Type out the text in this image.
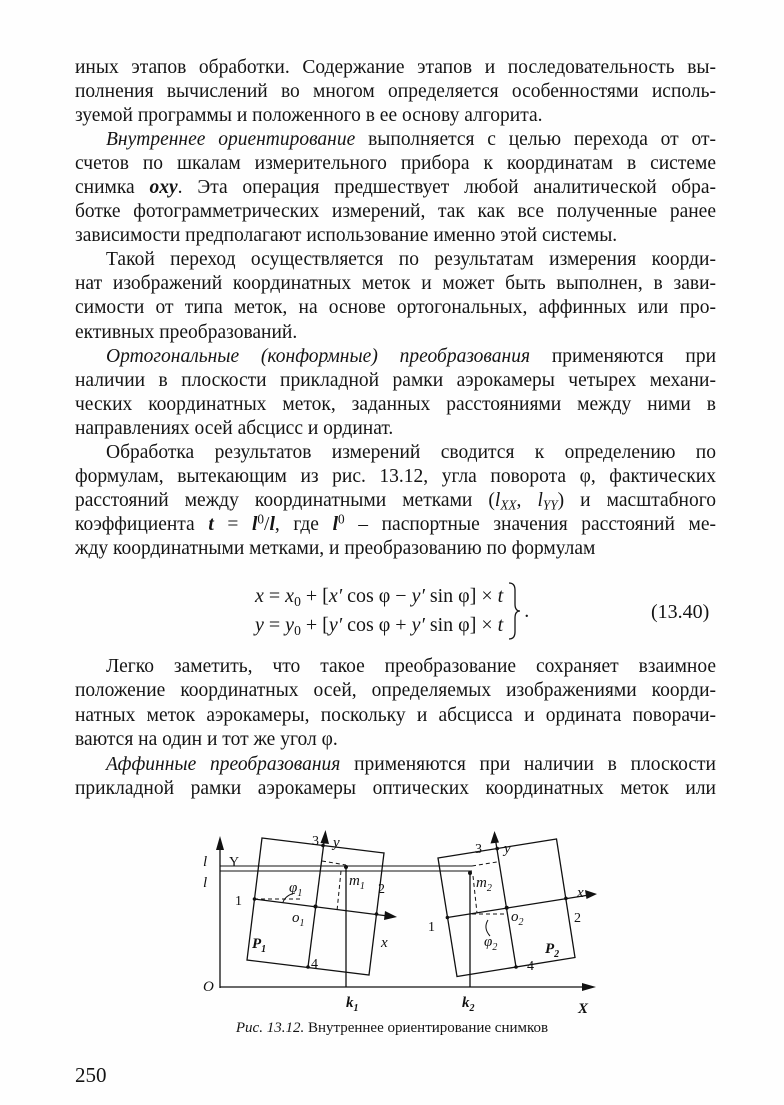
иных этапов обработки. Содержание этапов и последовательность вы-
полнения вычислений во многом определяется особенностями исполь-
зуемой программы и положенного в ее основу алгорита.
Внутреннее ориентирование выполняется с целью перехода от от-
счетов по шкалам измерительного прибора к координатам в системе
снимка oxy. Эта операция предшествует любой аналитической обра-
ботке фотограмметрических измерений, так как все полученные ранее
зависимости предполагают использование именно этой системы.
Такой переход осуществляется по результатам измерения коорди-
нат изображений координатных меток и может быть выполнен, в зави-
симости от типа меток, на основе ортогональных, аффинных или про-
ективных преобразований.
Ортогональные (конформные) преобразования применяются при
наличии в плоскости прикладной рамки аэрокамеры четырех механи-
ческих координатных меток, заданных расстояниями между ними в
направлениях осей абсцисс и ординат.
Обработка результатов измерений сводится к определению по
формулам, вытекающим из рис. 13.12, угла поворота φ, фактических
расстояний между координатными метками ($l_{XX}$, $l_{YY}$) и масштабного
коэффициента $t = l^0/l$, где $l^0$ – паспортные значения расстояний ме-
жду координатными метками, и преобразованию по формулам
$x = x_0 + [x'$ cos φ − y′ sin φ] × t
$y = y_0 + [y'$ cos φ + y′ sin φ] × t
.	(13.40)
Легко заметить, что такое преобразование сохраняет взаимное
положение координатных осей, определяемых изображениями коорди-
натных меток аэрокамеры, поскольку и абсцисса и ордината поворачи-
ваются на один и тот же угол φ.
Аффинные преобразования применяются при наличии в плоскости
прикладной рамки аэрокамеры оптических координатных меток или
l
l
Y
O
X
3 y
$\varphi_1$
$m_1$
1
$o_1$
2
x
$P_1$
4
$k_1$
3 y
$m_2$	x
1
$o_2$	2
$\varphi_2$	$P_2$
4
$k_2$
Рис. 13.12. Внутреннее ориентирование снимков
250
